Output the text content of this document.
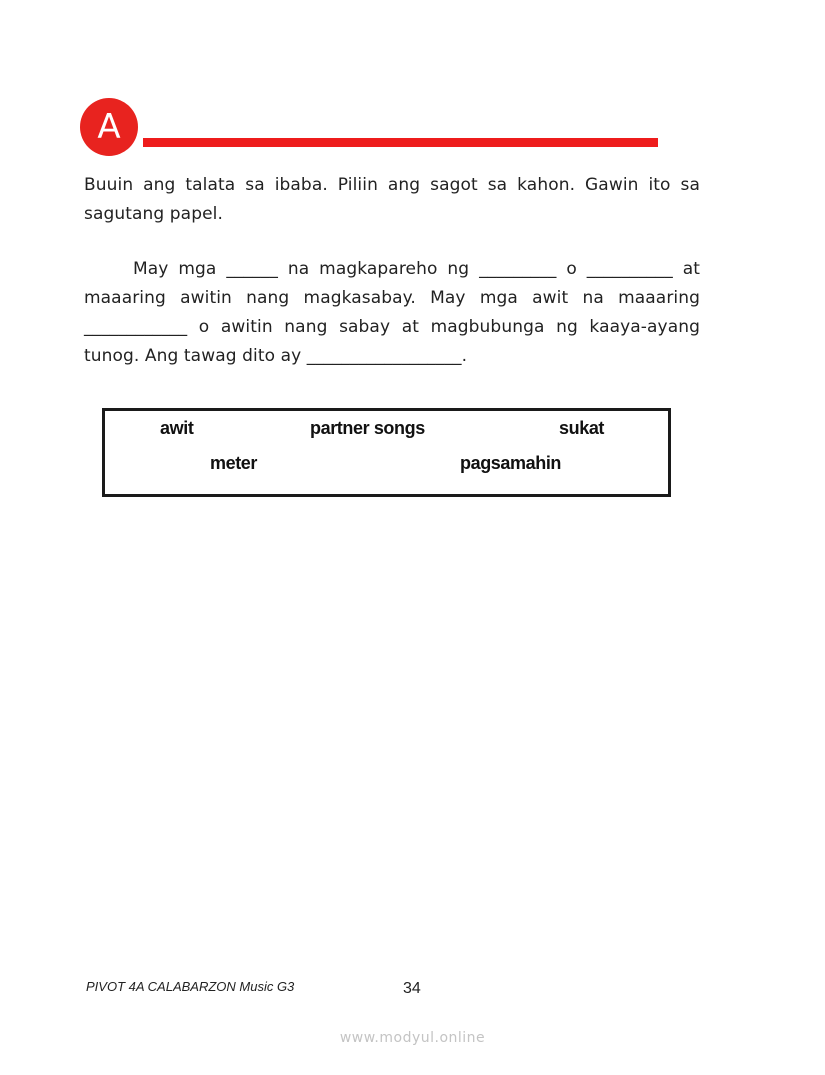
A

Buuin ang talata sa ibaba. Piliin ang sagot sa kahon. Gawin ito sa sagutang papel.

May mga ______ na magkapareho ng _________ o __________ at maaaring awitin nang magkasabay. May mga awit na maaaring ____________ o awitin nang sabay at magbubunga ng kaaya-ayang tunog. Ang tawag dito ay __________________.

awit	partner songs	sukat
meter	pagsamahin
PIVOT 4A CALABARZON Music G3	34
www.modyul.online
